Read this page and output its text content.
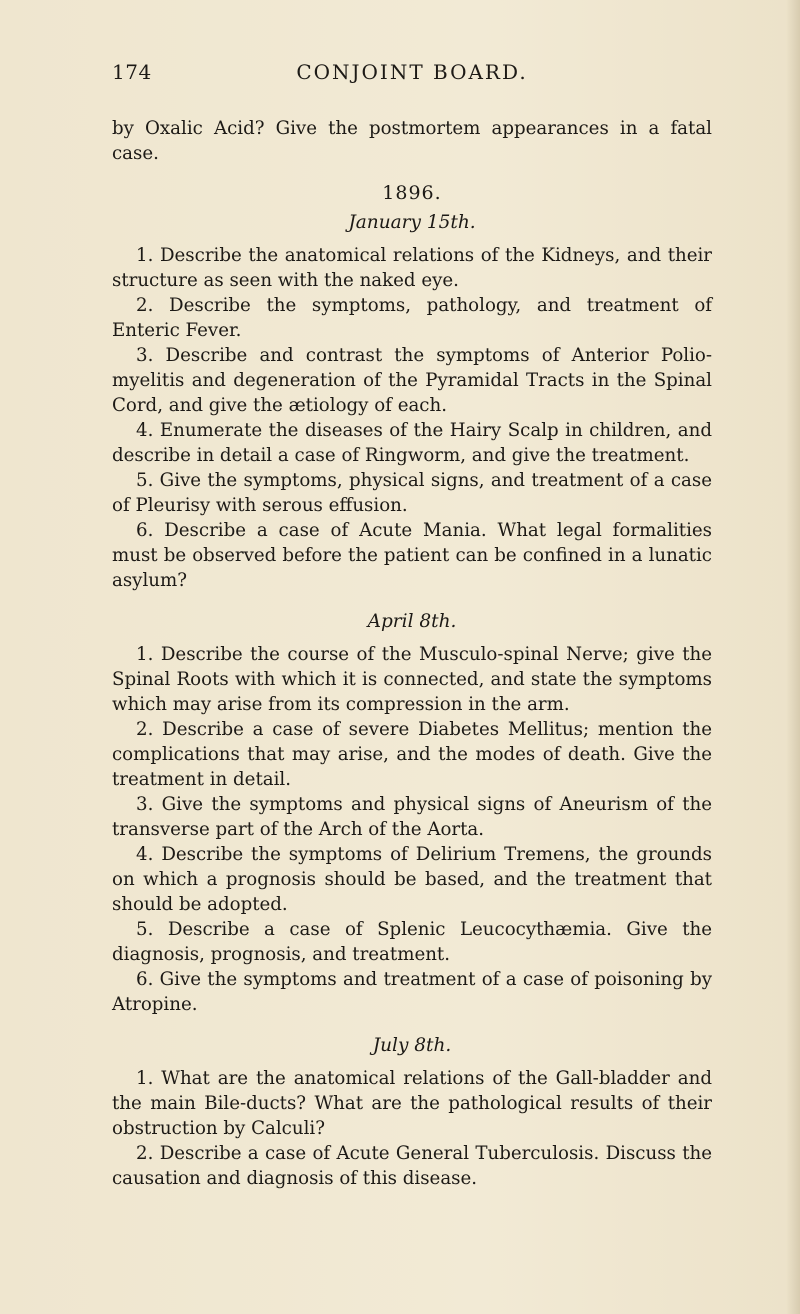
174	CONJOINT BOARD.

by Oxalic Acid? Give the postmortem appearances in a fatal case.

1896.
January 15th.

1. Describe the anatomical relations of the Kidneys, and their structure as seen with the naked eye.

2. Describe the symptoms, pathology, and treatment of Enteric Fever.

3. Describe and contrast the symptoms of Anterior Polio-myelitis and degeneration of the Pyramidal Tracts in the Spinal Cord, and give the ætiology of each.

4. Enumerate the diseases of the Hairy Scalp in children, and describe in detail a case of Ringworm, and give the treatment.

5. Give the symptoms, physical signs, and treatment of a case of Pleurisy with serous effusion.

6. Describe a case of Acute Mania. What legal formalities must be observed before the patient can be confined in a lunatic asylum?

April 8th.

1. Describe the course of the Musculo-spinal Nerve; give the Spinal Roots with which it is connected, and state the symptoms which may arise from its compression in the arm.

2. Describe a case of severe Diabetes Mellitus; mention the complications that may arise, and the modes of death. Give the treatment in detail.

3. Give the symptoms and physical signs of Aneurism of the transverse part of the Arch of the Aorta.

4. Describe the symptoms of Delirium Tremens, the grounds on which a prognosis should be based, and the treatment that should be adopted.

5. Describe a case of Splenic Leucocythæmia. Give the diagnosis, prognosis, and treatment.

6. Give the symptoms and treatment of a case of poisoning by Atropine.

July 8th.

1. What are the anatomical relations of the Gall-bladder and the main Bile-ducts? What are the pathological results of their obstruction by Calculi?

2. Describe a case of Acute General Tuberculosis. Discuss the causation and diagnosis of this disease.
